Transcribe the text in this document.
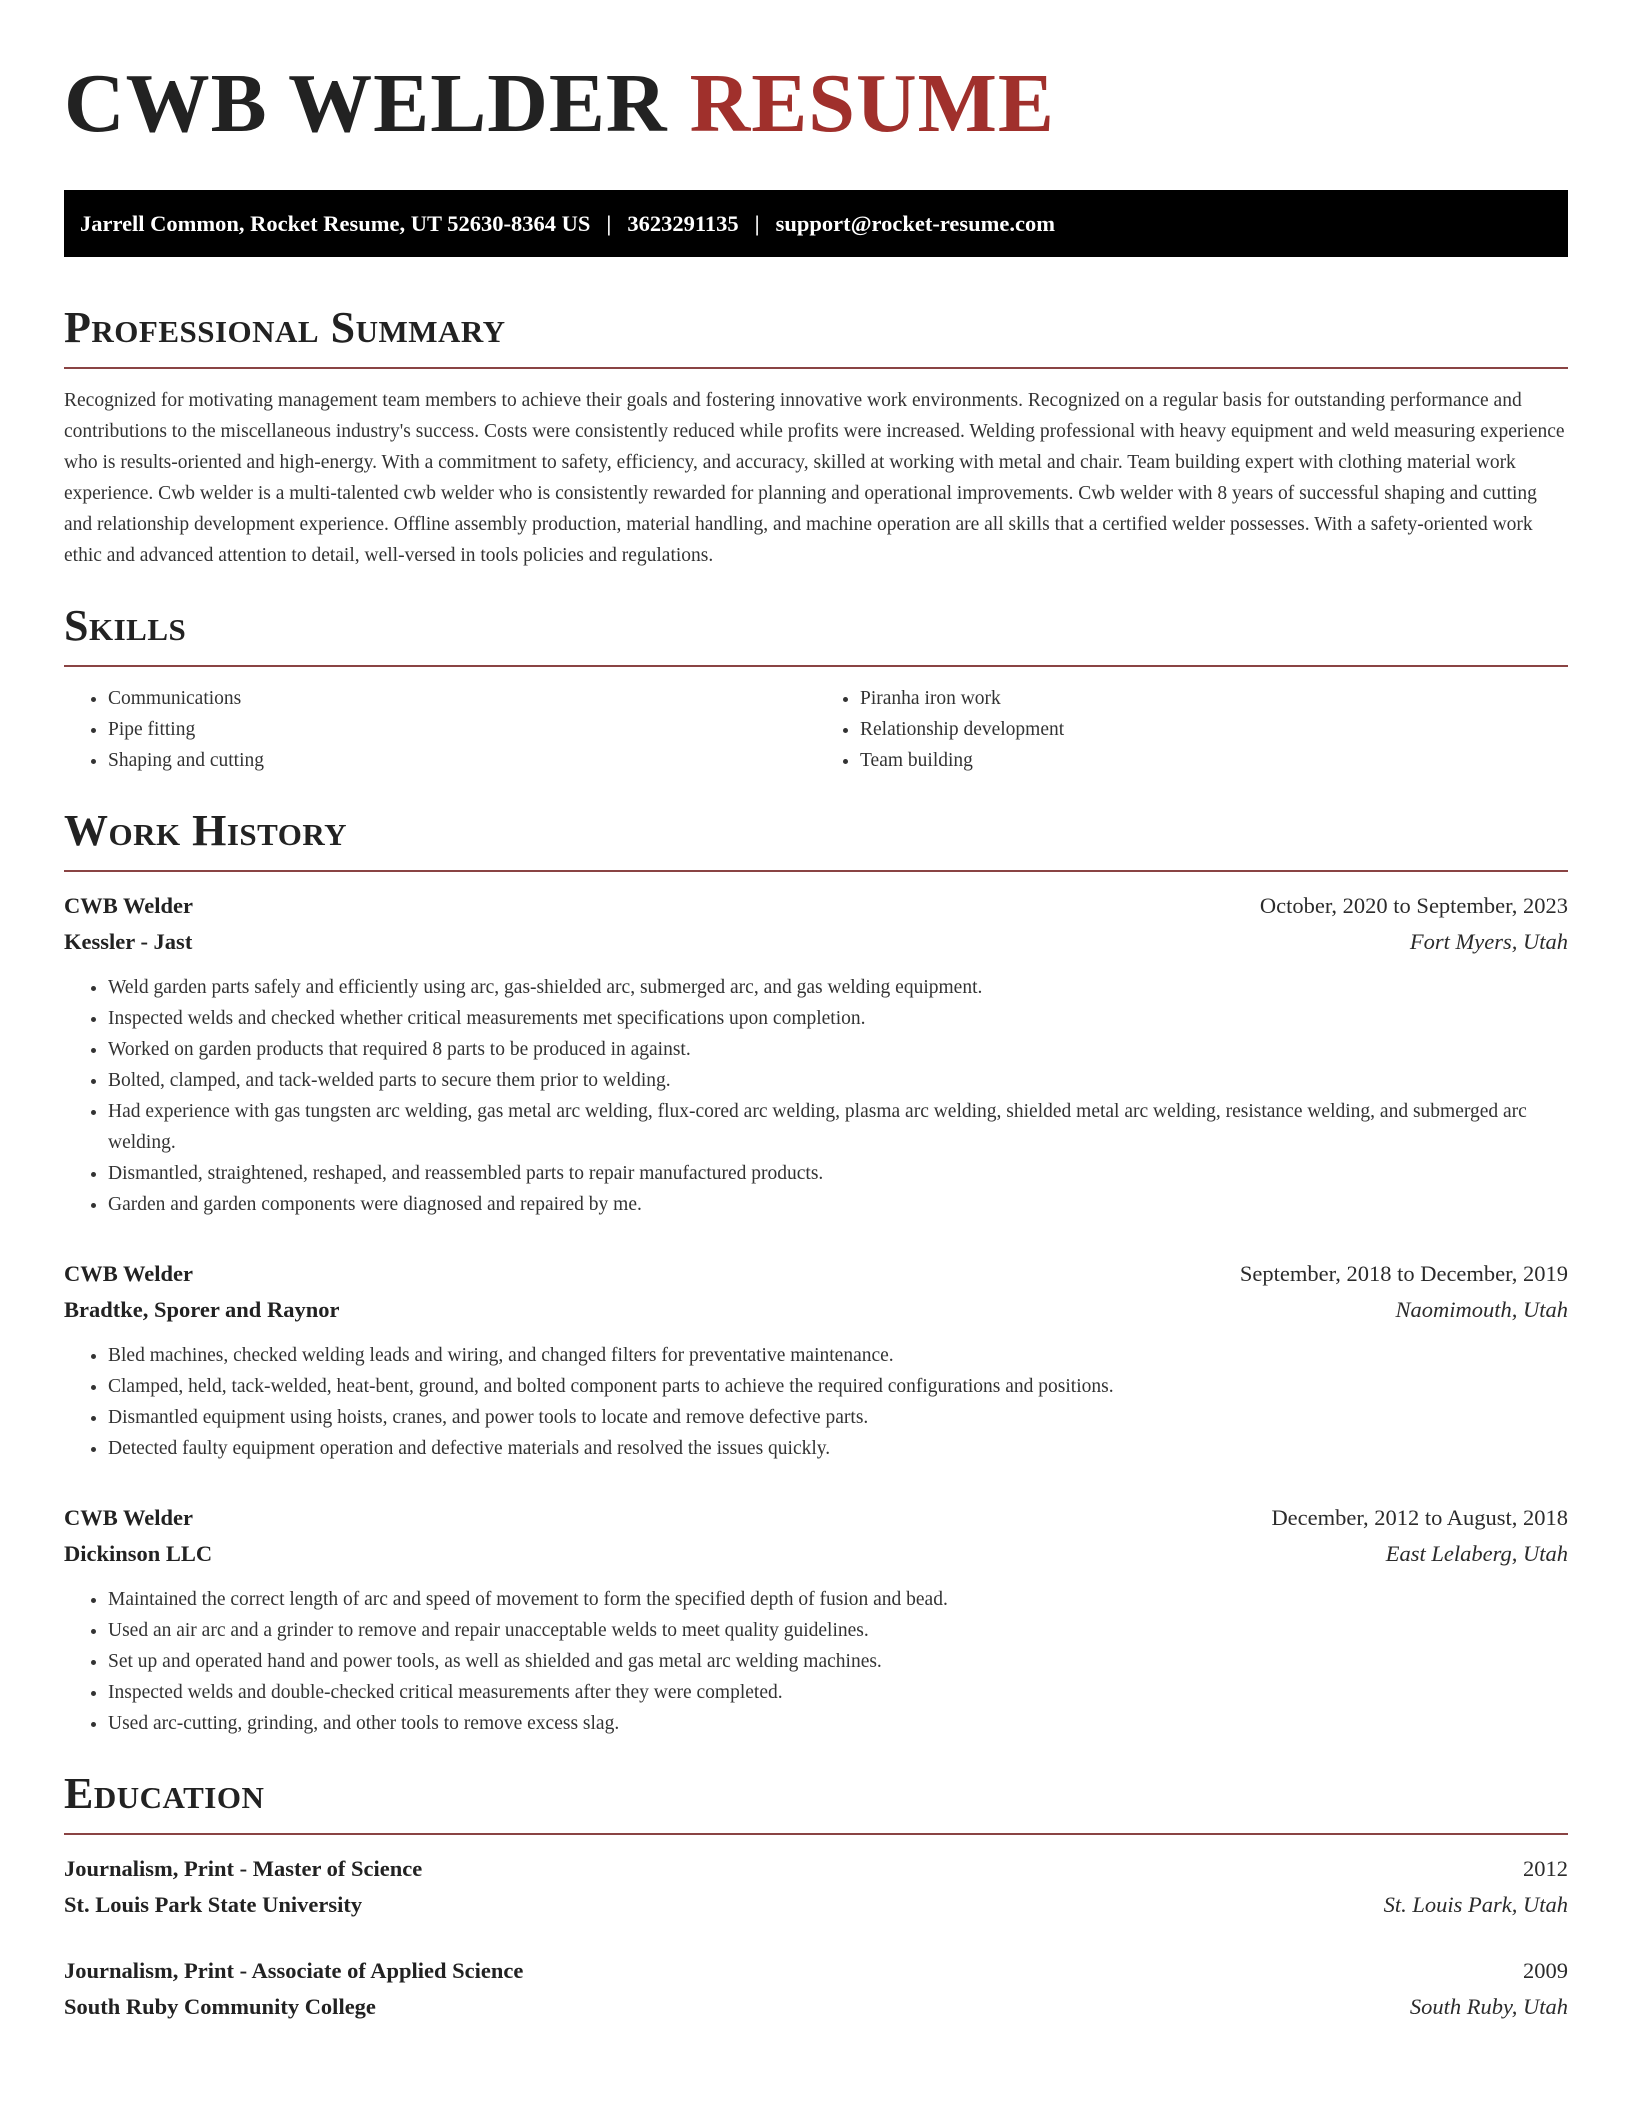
CWB WELDER RESUME
Jarrell Common, Rocket Resume, UT 52630-8364 US | 3623291135 | support@rocket-resume.com
Professional Summary

Recognized for motivating management team members to achieve their goals and fostering innovative work environments. Recognized on a regular basis for outstanding performance and contributions to the miscellaneous industry's success. Costs were consistently reduced while profits were increased. Welding professional with heavy equipment and weld measuring experience who is results-oriented and high-energy. With a commitment to safety, efficiency, and accuracy, skilled at working with metal and chair. Team building expert with clothing material work experience. Cwb welder is a multi-talented cwb welder who is consistently rewarded for planning and operational improvements. Cwb welder with 8 years of successful shaping and cutting and relationship development experience. Offline assembly production, material handling, and machine operation are all skills that a certified welder possesses. With a safety-oriented work ethic and advanced attention to detail, well-versed in tools policies and regulations.

Skills
• Communications
• Pipe fitting
• Shaping and cutting
• Piranha iron work
• Relationship development
• Team building
Work History
CWB Welder	October, 2020 to September, 2023
Kessler - Jast	Fort Myers, Utah
• Weld garden parts safely and efficiently using arc, gas-shielded arc, submerged arc, and gas welding equipment.
• Inspected welds and checked whether critical measurements met specifications upon completion.
• Worked on garden products that required 8 parts to be produced in against.
• Bolted, clamped, and tack-welded parts to secure them prior to welding.
• Had experience with gas tungsten arc welding, gas metal arc welding, flux-cored arc welding, plasma arc welding, shielded metal arc welding, resistance welding, and submerged arc welding.
• Dismantled, straightened, reshaped, and reassembled parts to repair manufactured products.
• Garden and garden components were diagnosed and repaired by me.
CWB Welder	September, 2018 to December, 2019
Bradtke, Sporer and Raynor	Naomimouth, Utah
• Bled machines, checked welding leads and wiring, and changed filters for preventative maintenance.
• Clamped, held, tack-welded, heat-bent, ground, and bolted component parts to achieve the required configurations and positions.
• Dismantled equipment using hoists, cranes, and power tools to locate and remove defective parts.
• Detected faulty equipment operation and defective materials and resolved the issues quickly.
CWB Welder	December, 2012 to August, 2018
Dickinson LLC	East Lelaberg, Utah
• Maintained the correct length of arc and speed of movement to form the specified depth of fusion and bead.
• Used an air arc and a grinder to remove and repair unacceptable welds to meet quality guidelines.
• Set up and operated hand and power tools, as well as shielded and gas metal arc welding machines.
• Inspected welds and double-checked critical measurements after they were completed.
• Used arc-cutting, grinding, and other tools to remove excess slag.
Education
Journalism, Print - Master of Science	2012
St. Louis Park State University	St. Louis Park, Utah
Journalism, Print - Associate of Applied Science	2009
South Ruby Community College	South Ruby, Utah
